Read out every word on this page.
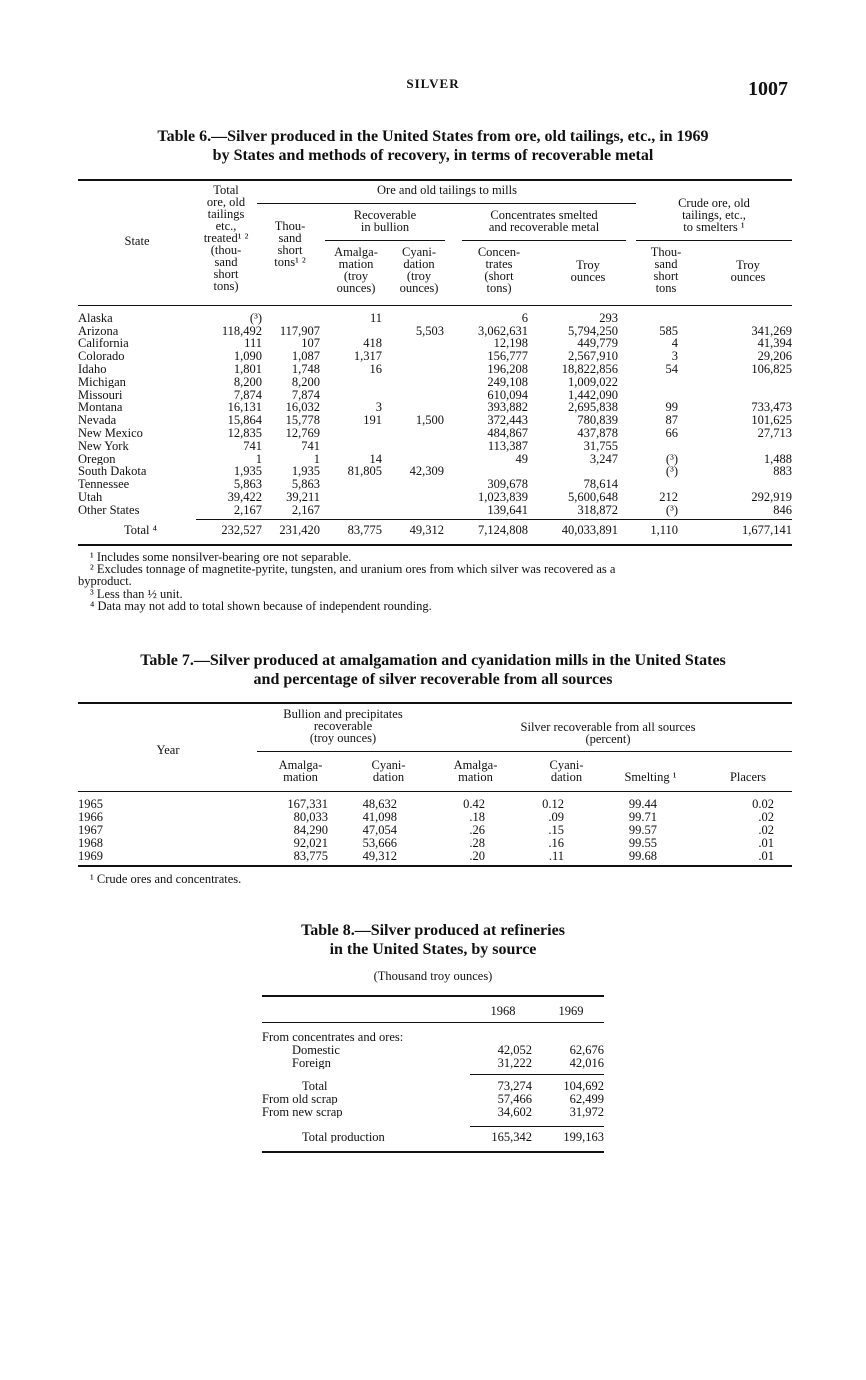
SILVER	1007
Table 6.—Silver produced in the United States from ore, old tailings, etc., in 1969
by States and methods of recovery, in terms of recoverable metal
State
Total
ore, old
tailings
etc.,
treated¹ ²
(thou-
sand
short
tons)
Ore and old tailings to mills
Thou-
sand
short
tons¹ ²
Recoverable
in bullion
Amalga-
mation
(troy
ounces)
Cyani-
dation
(troy
ounces)
Concentrates smelted
and recoverable metal
Concen-
trates
(short
tons)
Troy
ounces
Crude ore, old
tailings, etc.,
to smelters ¹
Thou-
sand
short
tons
Troy
ounces
Alaska	(³)		11		6	293		
Arizona	118,492	117,907		5,503	3,062,631	5,794,250	585	341,269
California	111	107	418		12,198	449,779	4	41,394
Colorado	1,090	1,087	1,317		156,777	2,567,910	3	29,206
Idaho	1,801	1,748	16		196,208	18,822,856	54	106,825
Michigan	8,200	8,200			249,108	1,009,022		
Missouri	7,874	7,874			610,094	1,442,090		
Montana	16,131	16,032	3		393,882	2,695,838	99	733,473
Nevada	15,864	15,778	191	1,500	372,443	780,839	87	101,625
New Mexico	12,835	12,769			484,867	437,878	66	27,713
New York	741	741			113,387	31,755		
Oregon	1	1	14		49	3,247	(³)	1,488
South Dakota	1,935	1,935	81,805	42,309			(³)	883
Tennessee	5,863	5,863			309,678	78,614		
Utah	39,422	39,211			1,023,839	5,600,648	212	292,919
Other States	2,167	2,167			139,641	318,872	(³)	846
Total ⁴	232,527	231,420	83,775	49,312	7,124,808	40,033,891	1,110	1,677,141
¹ Includes some nonsilver-bearing ore not separable.
² Excludes tonnage of magnetite-pyrite, tungsten, and uranium ores from which silver was recovered as a
byproduct.
³ Less than ½ unit.
⁴ Data may not add to total shown because of independent rounding.
Table 7.—Silver produced at amalgamation and cyanidation mills in the United States
and percentage of silver recoverable from all sources
Year
Bullion and precipitates
recoverable
(troy ounces)
Silver recoverable from all sources
(percent)
Amalga-
mation
Cyani-
dation
Amalga-
mation
Cyani-
dation	Smelting ¹	Placers
1965	167,331	48,632	0.42	0.12	99.44	0.02
1966	80,033	41,098	.18	.09	99.71	.02
1967	84,290	47,054	.26	.15	99.57	.02
1968	92,021	53,666	.28	.16	99.55	.01
1969	83,775	49,312	.20	.11	99.68	.01
¹ Crude ores and concentrates.
Table 8.—Silver produced at refineries
in the United States, by source
(Thousand troy ounces)
1968	1969
From concentrates and ores:
Domestic	42,052	62,676
Foreign	31,222	42,016
Total	73,274	104,692
From old scrap	57,466	62,499
From new scrap	34,602	31,972
Total production	165,342	199,163
